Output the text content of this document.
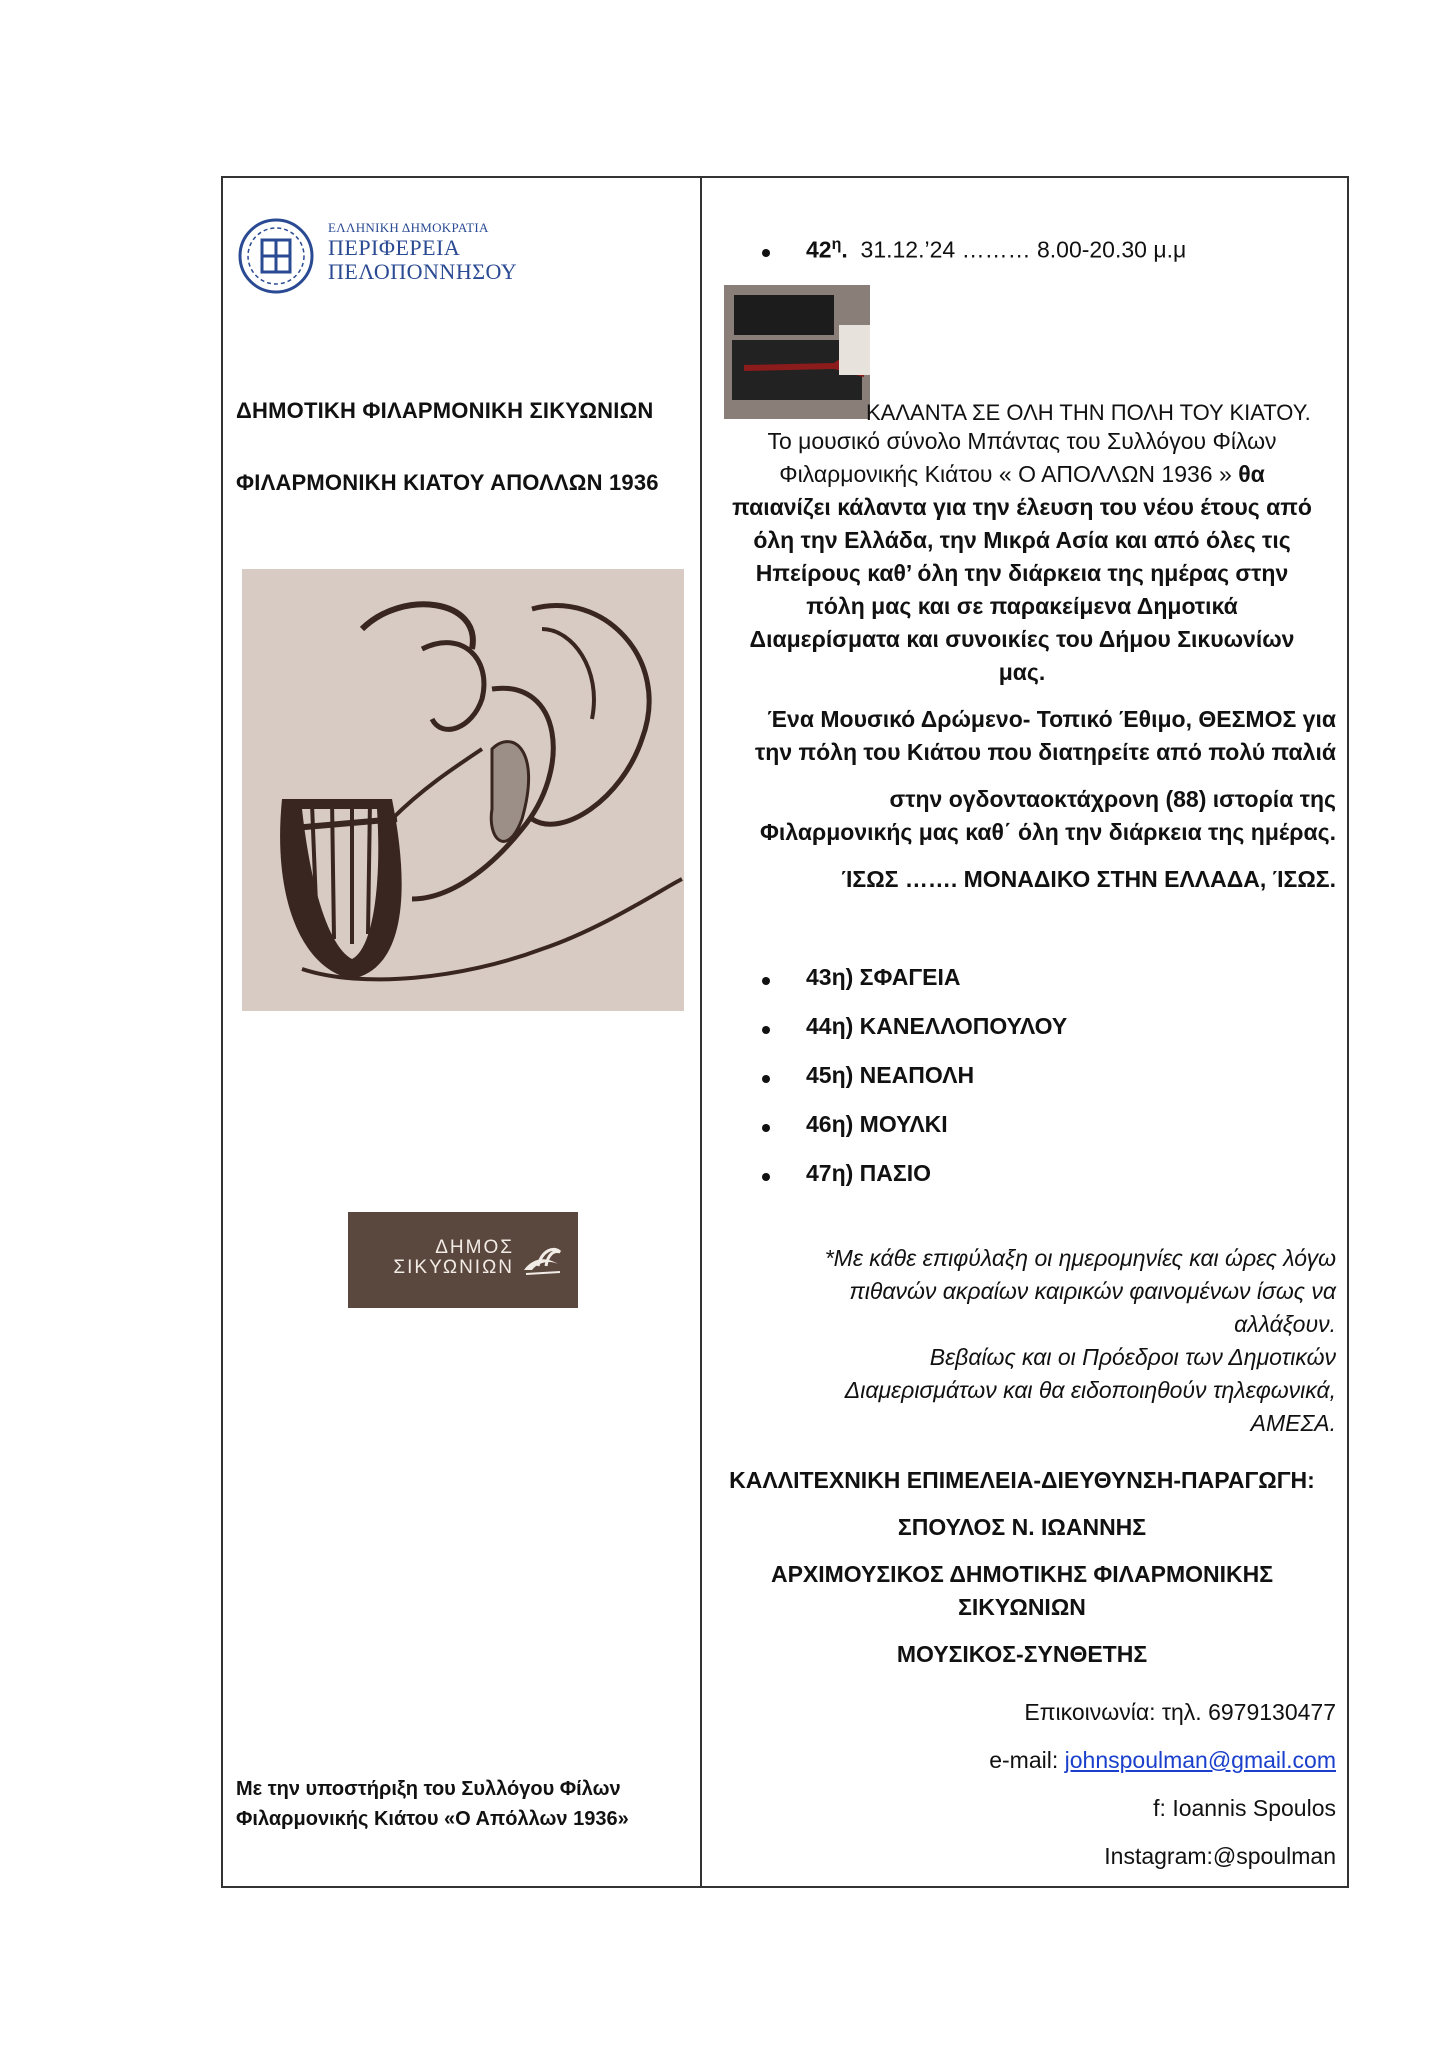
ΕΛΛΗΝΙΚΗ ΔΗΜΟΚΡΑΤΙΑ
ΠΕΡΙΦΕΡΕΙΑ
ΠΕΛΟΠΟΝΝΗΣΟΥ
ΔΗΜΟΤΙΚΗ ΦΙΛΑΡΜΟΝΙΚΗ ΣΙΚΥΩΝΙΩΝ
ΦΙΛΑΡΜΟΝΙΚΗ ΚΙΑΤΟΥ ΑΠΟΛΛΩΝ 1936
ΔΗΜΟΣ
ΣΙΚΥΩΝΙΩΝ
Με την υποστήριξη του Συλλόγου Φίλων
Φιλαρμονικής Κιάτου «Ο Απόλλων 1936»
$42^\eta$. 31.12.’24 ……… 8.00-20.30 μ.μ
ΚΑΛΑΝΤΑ ΣΕ ΟΛΗ ΤΗΝ ΠΟΛΗ ΤΟΥ ΚΙΑΤΟΥ.
Το μουσικό σύνολο Μπάντας του Συλλόγου Φίλων
Φιλαρμονικής Κιάτου « Ο ΑΠΟΛΛΩΝ 1936 » θα
παιανίζει κάλαντα για την έλευση του νέου έτους από
όλη την Ελλάδα, την Μικρά Ασία και από όλες τις
Ηπείρους καθ’ όλη την διάρκεια της ημέρας στην
πόλη μας και σε παρακείμενα Δημοτικά
Διαμερίσματα και συνοικίες του Δήμου Σικυωνίων
μας.
Ένα Μουσικό Δρώμενο- Τοπικό Έθιμο, ΘΕΣΜΟΣ για
την πόλη του Κιάτου που διατηρείτε από πολύ παλιά
στην ογδονταοκτάχρονη (88) ιστορία της
Φιλαρμονικής μας καθ΄ όλη την διάρκεια της ημέρας.
ΊΣΩΣ ……. ΜΟΝΑΔΙΚΟ ΣΤΗΝ ΕΛΛΑΔΑ, ΊΣΩΣ.
43η) ΣΦΑΓΕΙΑ
44η) ΚΑΝΕΛΛΟΠΟΥΛΟΥ
45η) ΝΕΑΠΟΛΗ
46η) ΜΟΥΛΚΙ
47η) ΠΑΣΙΟ
*Με κάθε επιφύλαξη οι ημερομηνίες και ώρες λόγω
πιθανών ακραίων καιρικών φαινομένων ίσως να
αλλάξουν.
Βεβαίως και οι Πρόεδροι των Δημοτικών
Διαμερισμάτων και θα ειδοποιηθούν τηλεφωνικά,
ΑΜΕΣΑ.
ΚΑΛΛΙΤΕΧΝΙΚΗ ΕΠΙΜΕΛΕΙΑ-ΔΙΕΥΘΥΝΣΗ-ΠΑΡΑΓΩΓΗ:
ΣΠΟΥΛΟΣ Ν. ΙΩΑΝΝΗΣ
ΑΡΧΙΜΟΥΣΙΚΟΣ ΔΗΜΟΤΙΚΗΣ ΦΙΛΑΡΜΟΝΙΚΗΣ
ΣΙΚΥΩΝΙΩΝ
ΜΟΥΣΙΚΟΣ-ΣΥΝΘΕΤΗΣ
Επικοινωνία: τηλ. 6979130477
e-mail: johnspoulman@gmail.com
f: Ioannis Spoulos
Instagram:@spoulman
